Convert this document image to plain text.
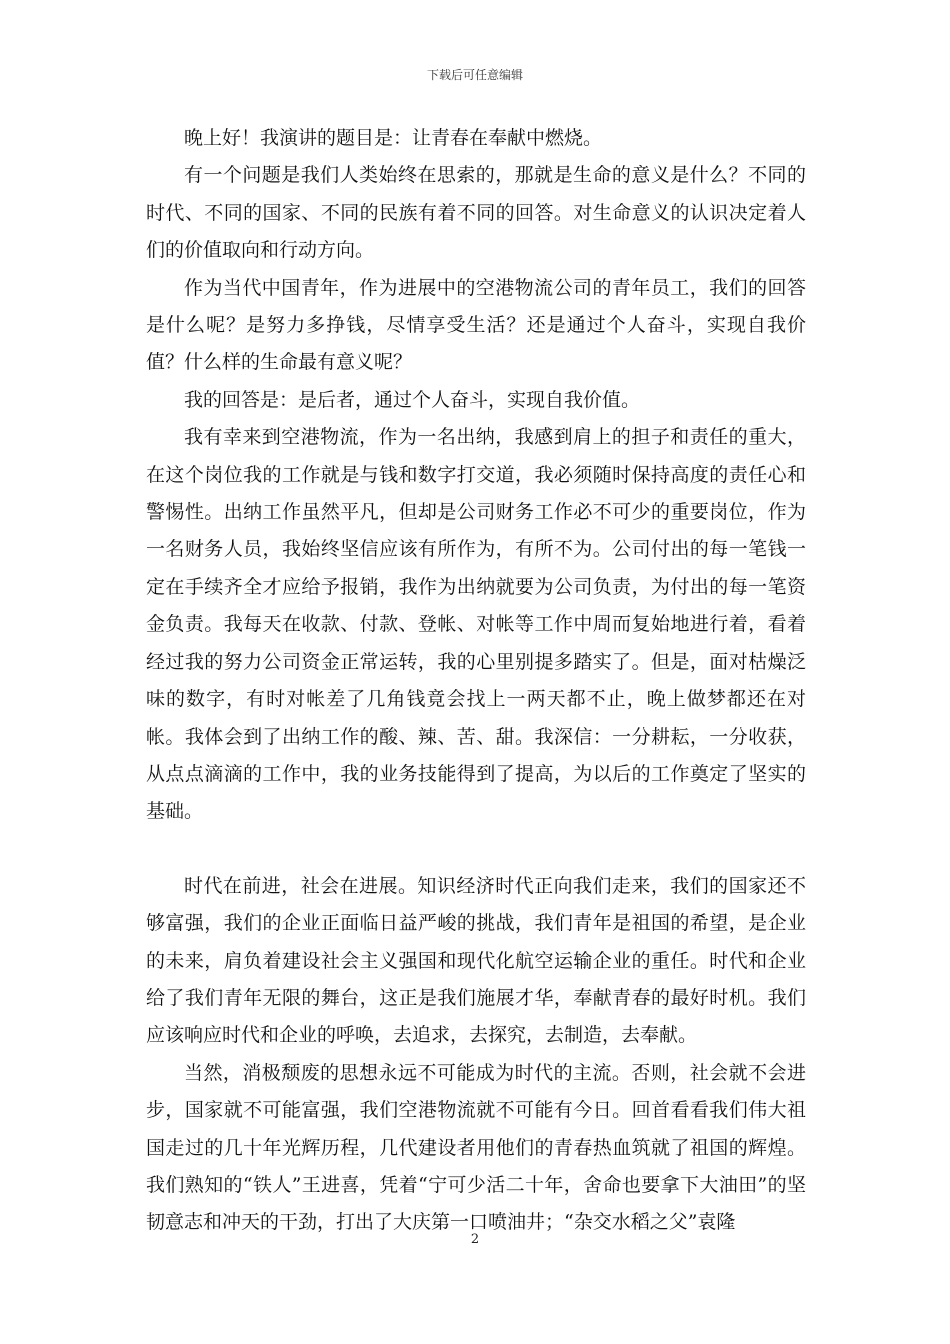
下载后可任意编辑

晚上好！我演讲的题目是：让青春在奉献中燃烧。

有一个问题是我们人类始终在思索的，那就是生命的意义是什么？不同的时代、不同的国家、不同的民族有着不同的回答。对生命意义的认识决定着人们的价值取向和行动方向。

作为当代中国青年，作为进展中的空港物流公司的青年员工，我们的回答是什么呢？是努力多挣钱，尽情享受生活？还是通过个人奋斗，实现自我价值？什么样的生命最有意义呢？

我的回答是：是后者，通过个人奋斗，实现自我价值。

我有幸来到空港物流，作为一名出纳，我感到肩上的担子和责任的重大，在这个岗位我的工作就是与钱和数字打交道，我必须随时保持高度的责任心和警惕性。出纳工作虽然平凡，但却是公司财务工作必不可少的重要岗位，作为一名财务人员，我始终坚信应该有所作为，有所不为。公司付出的每一笔钱一定在手续齐全才应给予报销，我作为出纳就要为公司负责，为付出的每一笔资金负责。我每天在收款、付款、登帐、对帐等工作中周而复始地进行着，看着经过我的努力公司资金正常运转，我的心里别提多踏实了。但是，面对枯燥泛味的数字，有时对帐差了几角钱竟会找上一两天都不止，晚上做梦都还在对帐。我体会到了出纳工作的酸、辣、苦、甜。我深信：一分耕耘，一分收获，从点点滴滴的工作中，我的业务技能得到了提高，为以后的工作奠定了坚实的基础。

时代在前进，社会在进展。知识经济时代正向我们走来，我们的国家还不够富强，我们的企业正面临日益严峻的挑战，我们青年是祖国的希望，是企业的未来，肩负着建设社会主义强国和现代化航空运输企业的重任。时代和企业给了我们青年无限的舞台，这正是我们施展才华，奉献青春的最好时机。我们应该响应时代和企业的呼唤，去追求，去探究，去制造，去奉献。

当然，消极颓废的思想永远不可能成为时代的主流。否则，社会就不会进步，国家就不可能富强，我们空港物流就不可能有今日。回首看看我们伟大祖国走过的几十年光辉历程，几代建设者用他们的青春热血筑就了祖国的辉煌。我们熟知的“铁人”王进喜，凭着“宁可少活二十年，舍命也要拿下大油田”的坚韧意志和冲天的干劲，打出了大庆第一口喷油井；“杂交水稻之父”袁隆

2
